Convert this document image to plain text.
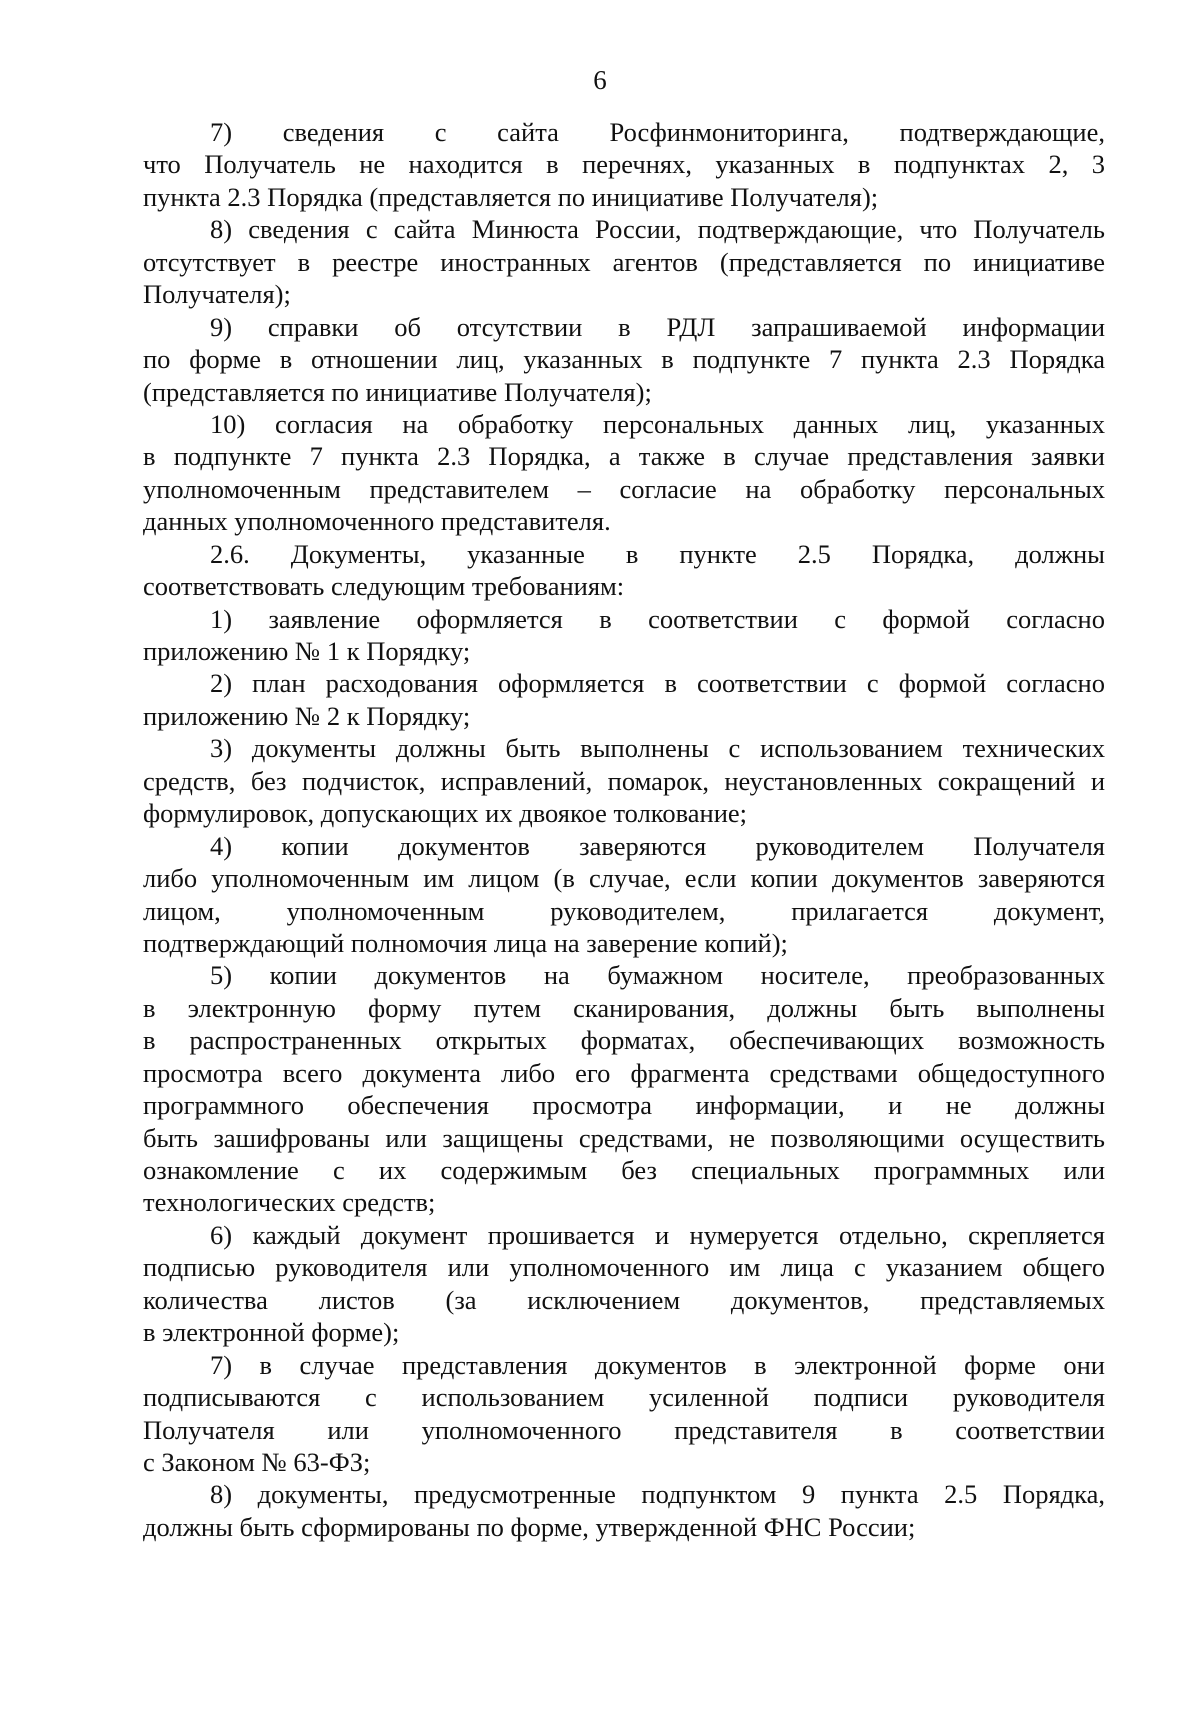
6
7) сведения с сайта Росфинмониторинга, подтверждающие,
что Получатель не находится в перечнях, указанных в подпунктах 2, 3
пункта 2.3 Порядка (представляется по инициативе Получателя);
8) сведения с сайта Минюста России, подтверждающие, что Получатель
отсутствует в реестре иностранных агентов (представляется по инициативе
Получателя);
9) справки об отсутствии в РДЛ запрашиваемой информации
по форме в отношении лиц, указанных в подпункте 7 пункта 2.3 Порядка
(представляется по инициативе Получателя);
10) согласия на обработку персональных данных лиц, указанных
в подпункте 7 пункта 2.3 Порядка, а также в случае представления заявки
уполномоченным представителем – согласие на обработку персональных
данных уполномоченного представителя.
2.6. Документы, указанные в пункте 2.5 Порядка, должны
соответствовать следующим требованиям:
1) заявление оформляется в соответствии с формой согласно
приложению № 1 к Порядку;
2) план расходования оформляется в соответствии с формой согласно
приложению № 2 к Порядку;
3) документы должны быть выполнены с использованием технических
средств, без подчисток, исправлений, помарок, неустановленных сокращений и
формулировок, допускающих их двоякое толкование;
4) копии документов заверяются руководителем Получателя
либо уполномоченным им лицом (в случае, если копии документов заверяются
лицом, уполномоченным руководителем, прилагается документ,
подтверждающий полномочия лица на заверение копий);
5) копии документов на бумажном носителе, преобразованных
в электронную форму путем сканирования, должны быть выполнены
в распространенных открытых форматах, обеспечивающих возможность
просмотра всего документа либо его фрагмента средствами общедоступного
программного обеспечения просмотра информации, и не должны
быть зашифрованы или защищены средствами, не позволяющими осуществить
ознакомление с их содержимым без специальных программных или
технологических средств;
6) каждый документ прошивается и нумеруется отдельно, скрепляется
подписью руководителя или уполномоченного им лица с указанием общего
количества листов (за исключением документов, представляемых
в электронной форме);
7) в случае представления документов в электронной форме они
подписываются с использованием усиленной подписи руководителя
Получателя или уполномоченного представителя в соответствии
с Законом № 63-ФЗ;
8) документы, предусмотренные подпунктом 9 пункта 2.5 Порядка,
должны быть сформированы по форме, утвержденной ФНС России;
